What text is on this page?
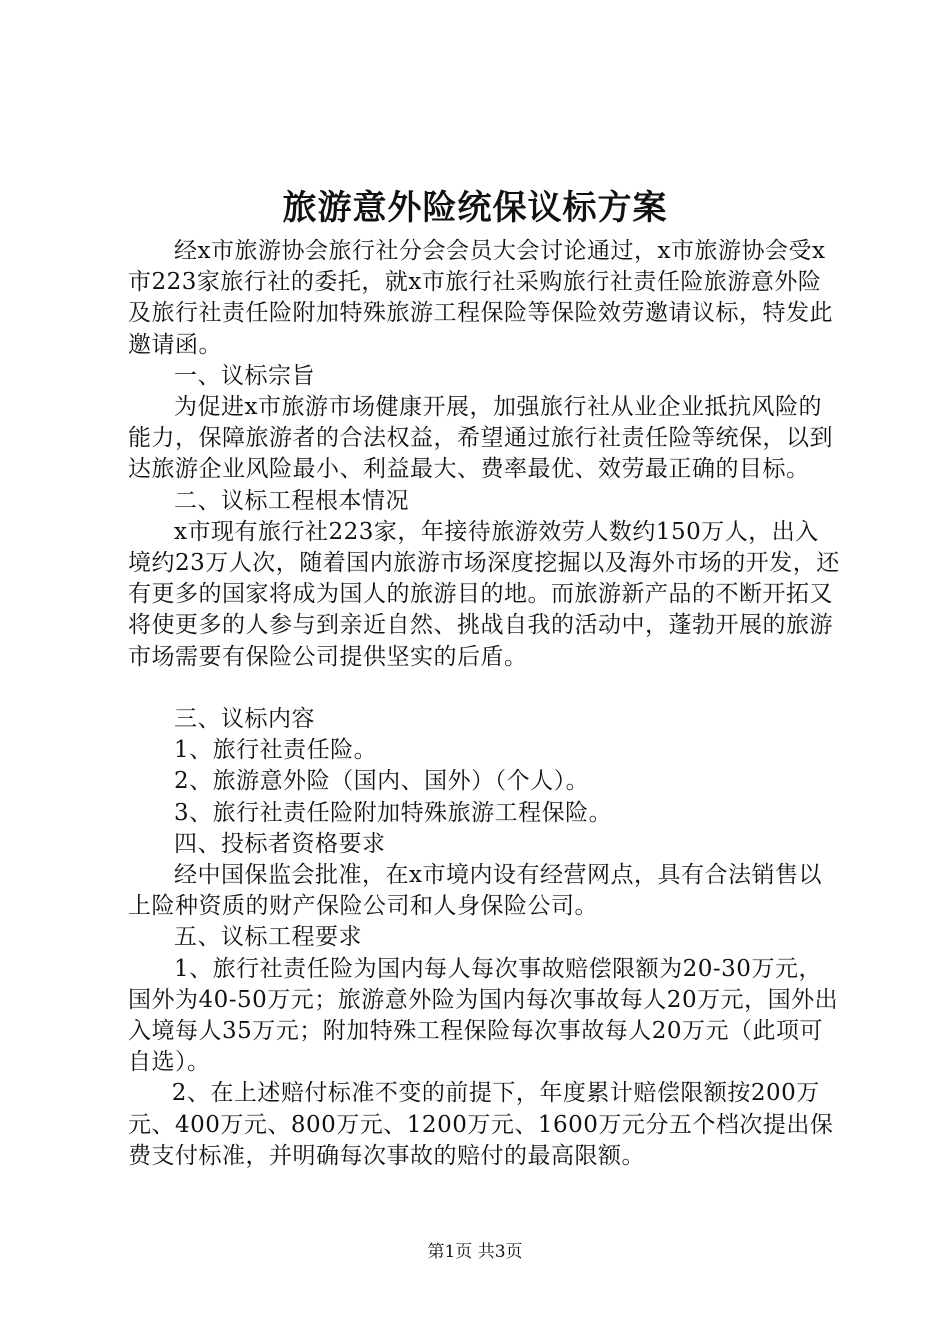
旅游意外险统保议标方案

经x市旅游协会旅行社分会会员大会讨论通过，x市旅游协会受x市223家旅行社的委托，就x市旅行社采购旅行社责任险旅游意外险及旅行社责任险附加特殊旅游工程保险等保险效劳邀请议标，特发此邀请函。

一、议标宗旨

为促进x市旅游市场健康开展，加强旅行社从业企业抵抗风险的能力，保障旅游者的合法权益，希望通过旅行社责任险等统保，以到达旅游企业风险最小、利益最大、费率最优、效劳最正确的目标。

二、议标工程根本情况

x市现有旅行社223家，年接待旅游效劳人数约150万人，出入境约23万人次，随着国内旅游市场深度挖掘以及海外市场的开发，还有更多的国家将成为国人的旅游目的地。而旅游新产品的不断开拓又将使更多的人参与到亲近自然、挑战自我的活动中，蓬勃开展的旅游市场需要有保险公司提供坚实的后盾。

三、议标内容

1、旅行社责任险。

2、旅游意外险（国内、国外）（个人）。

3、旅行社责任险附加特殊旅游工程保险。

四、投标者资格要求

经中国保监会批准，在x市境内设有经营网点，具有合法销售以上险种资质的财产保险公司和人身保险公司。

五、议标工程要求

1、旅行社责任险为国内每人每次事故赔偿限额为20-30万元，国外为40-50万元；旅游意外险为国内每次事故每人20万元，国外出入境每人35万元；附加特殊工程保险每次事故每人20万元（此项可自选）。

2、在上述赔付标准不变的前提下，年度累计赔偿限额按200万元、400万元、800万元、1200万元、1600万元分五个档次提出保费支付标准，并明确每次事故的赔付的最高限额。

第1页 共3页
